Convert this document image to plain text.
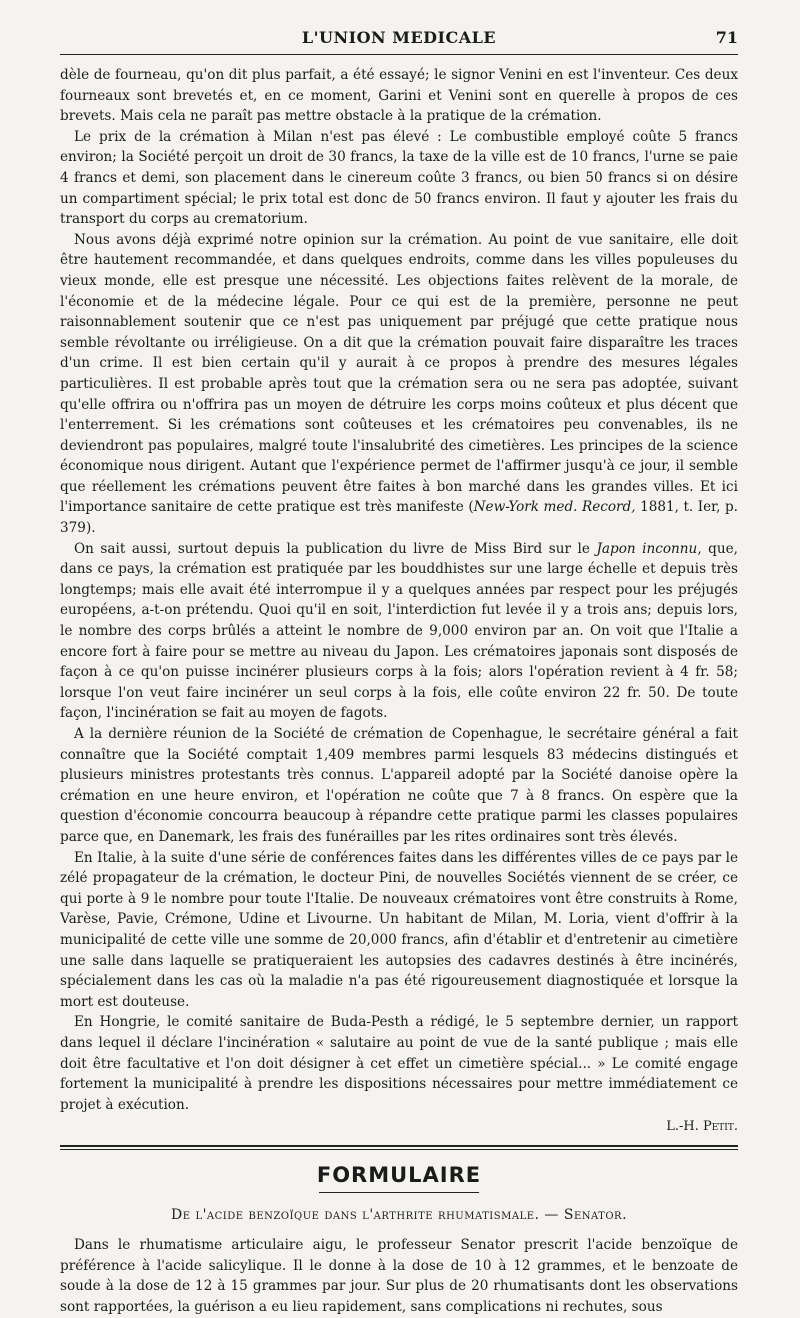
L'UNION MEDICALE	71

dèle de fourneau, qu'on dit plus parfait, a été essayé; le signor Venini en est l'inventeur. Ces deux fourneaux sont brevetés et, en ce moment, Garini et Venini sont en querelle à propos de ces brevets. Mais cela ne paraît pas mettre obstacle à la pratique de la crémation.

Le prix de la crémation à Milan n'est pas élevé : Le combustible employé coûte 5 francs environ; la Société perçoit un droit de 30 francs, la taxe de la ville est de 10 francs, l'urne se paie 4 francs et demi, son placement dans le cinereum coûte 3 francs, ou bien 50 francs si on désire un compartiment spécial; le prix total est donc de 50 francs environ. Il faut y ajouter les frais du transport du corps au crematorium.

Nous avons déjà exprimé notre opinion sur la crémation. Au point de vue sanitaire, elle doit être hautement recommandée, et dans quelques endroits, comme dans les villes populeuses du vieux monde, elle est presque une nécessité. Les objections faites relèvent de la morale, de l'économie et de la médecine légale. Pour ce qui est de la première, personne ne peut raisonnablement soutenir que ce n'est pas uniquement par préjugé que cette pratique nous semble révoltante ou irréligieuse. On a dit que la crémation pouvait faire disparaître les traces d'un crime. Il est bien certain qu'il y aurait à ce propos à prendre des mesures légales particulières. Il est probable après tout que la crémation sera ou ne sera pas adoptée, suivant qu'elle offrira ou n'offrira pas un moyen de détruire les corps moins coûteux et plus décent que l'enterrement. Si les crémations sont coûteuses et les crématoires peu convenables, ils ne deviendront pas populaires, malgré toute l'insalubrité des cimetières. Les principes de la science économique nous dirigent. Autant que l'expérience permet de l'affirmer jusqu'à ce jour, il semble que réellement les crémations peuvent être faites à bon marché dans les grandes villes. Et ici l'importance sanitaire de cette pratique est très manifeste (New-York med. Record, 1881, t. Ier, p. 379).

On sait aussi, surtout depuis la publication du livre de Miss Bird sur le Japon inconnu, que, dans ce pays, la crémation est pratiquée par les bouddhistes sur une large échelle et depuis très longtemps; mais elle avait été interrompue il y a quelques années par respect pour les préjugés européens, a-t-on prétendu. Quoi qu'il en soit, l'interdiction fut levée il y a trois ans; depuis lors, le nombre des corps brûlés a atteint le nombre de 9,000 environ par an. On voit que l'Italie a encore fort à faire pour se mettre au niveau du Japon. Les crématoires japonais sont disposés de façon à ce qu'on puisse incinérer plusieurs corps à la fois; alors l'opération revient à 4 fr. 58; lorsque l'on veut faire incinérer un seul corps à la fois, elle coûte environ 22 fr. 50. De toute façon, l'incinération se fait au moyen de fagots.

A la dernière réunion de la Société de crémation de Copenhague, le secrétaire général a fait connaître que la Société comptait 1,409 membres parmi lesquels 83 médecins distingués et plusieurs ministres protestants très connus. L'appareil adopté par la Société danoise opère la crémation en une heure environ, et l'opération ne coûte que 7 à 8 francs. On espère que la question d'économie concourra beaucoup à répandre cette pratique parmi les classes populaires parce que, en Danemark, les frais des funérailles par les rites ordinaires sont très élevés.

En Italie, à la suite d'une série de conférences faites dans les différentes villes de ce pays par le zélé propagateur de la crémation, le docteur Pini, de nouvelles Sociétés viennent de se créer, ce qui porte à 9 le nombre pour toute l'Italie. De nouveaux crématoires vont être construits à Rome, Varèse, Pavie, Crémone, Udine et Livourne. Un habitant de Milan, M. Loria, vient d'offrir à la municipalité de cette ville une somme de 20,000 francs, afin d'établir et d'entretenir au cimetière une salle dans laquelle se pratiqueraient les autopsies des cadavres destinés à être incinérés, spécialement dans les cas où la maladie n'a pas été rigoureusement diagnostiquée et lorsque la mort est douteuse.

En Hongrie, le comité sanitaire de Buda-Pesth a rédigé, le 5 septembre dernier, un rapport dans lequel il déclare l'incinération « salutaire au point de vue de la santé publique ; mais elle doit être facultative et l'on doit désigner à cet effet un cimetière spécial... » Le comité engage fortement la municipalité à prendre les dispositions nécessaires pour mettre immédiatement ce projet à exécution.

L.-H. Petit.
FORMULAIRE
De l'acide benzoïque dans l'arthrite rhumatismale. — Senator.

Dans le rhumatisme articulaire aigu, le professeur Senator prescrit l'acide benzoïque de préférence à l'acide salicylique. Il le donne à la dose de 10 à 12 grammes, et le benzoate de soude à la dose de 12 à 15 grammes par jour. Sur plus de 20 rhumatisants dont les observations sont rapportées, la guérison a eu lieu rapidement, sans complications ni rechutes, sous
